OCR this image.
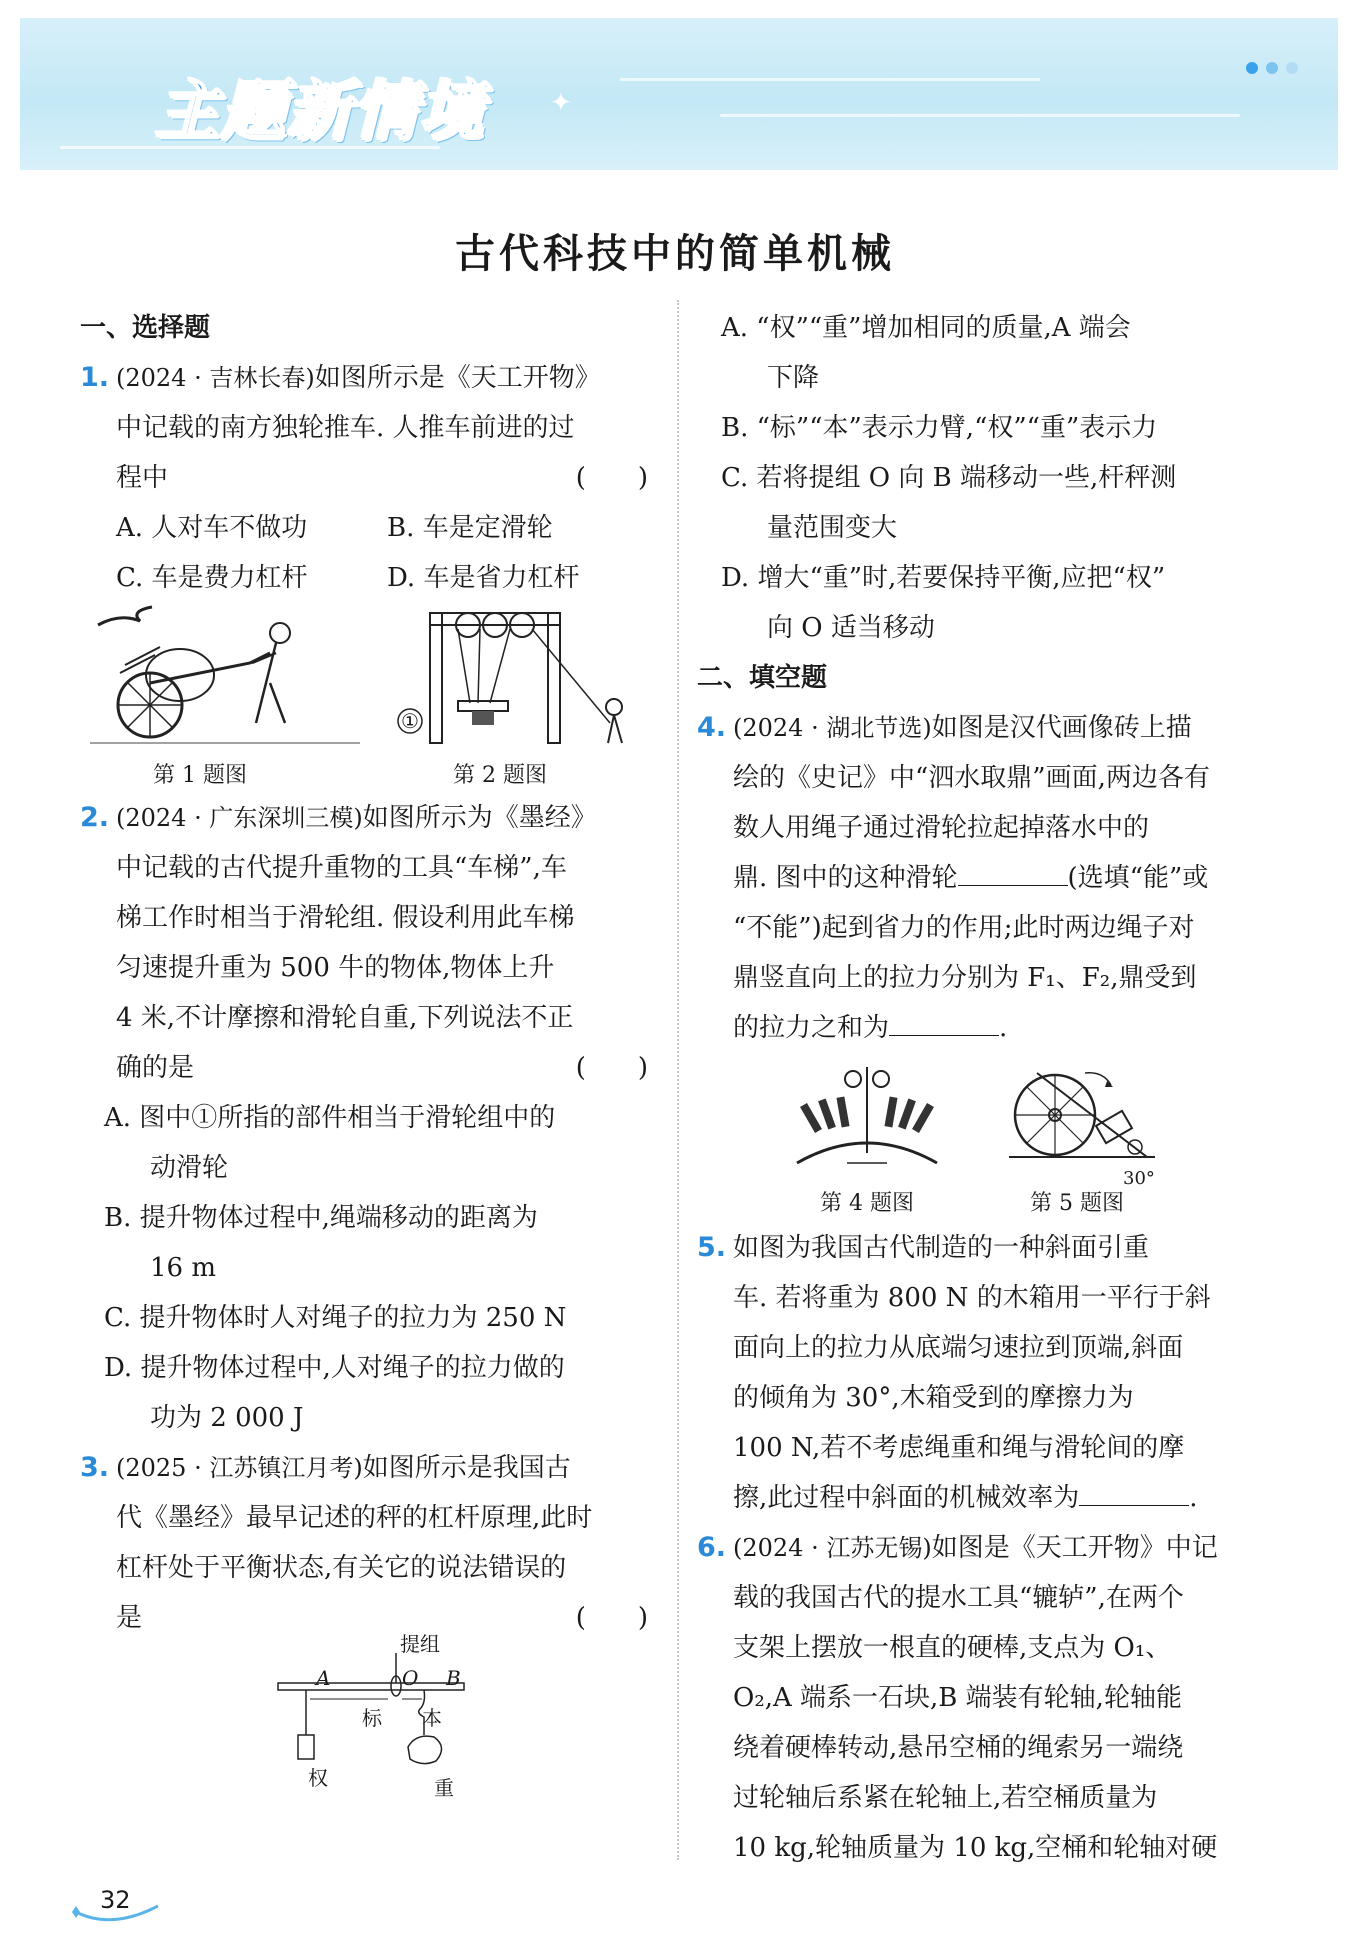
主题新情境	✦
古代科技中的简单机械
一、选择题
1. (2024 · 吉林长春)如图所示是《天工开物》
中记载的南方独轮推车. 人推车前进的过
程中	(　　)
A. 人对车不做功	B. 车是定滑轮
C. 车是费力杠杆	D. 车是省力杠杆
第 1 题图
①
第 2 题图
2. (2024 · 广东深圳三模)如图所示为《墨经》
中记载的古代提升重物的工具“车梯”,车
梯工作时相当于滑轮组. 假设利用此车梯
匀速提升重为 500 牛的物体,物体上升
4 米,不计摩擦和滑轮自重,下列说法不正
确的是	(　　)
A. 图中①所指的部件相当于滑轮组中的
动滑轮
B. 提升物体过程中,绳端移动的距离为
16 m
C. 提升物体时人对绳子的拉力为 250 N
D. 提升物体过程中,人对绳子的拉力做的
功为 2 000 J
3. (2025 · 江苏镇江月考)如图所示是我国古
代《墨经》最早记述的秤的杠杆原理,此时
杠杆处于平衡状态,有关它的说法错误的
是	(　　)
提组
A	O B
标 本
权	重
A. “权”“重”增加相同的质量,A 端会
下降
B. “标”“本”表示力臂,“权”“重”表示力
C. 若将提组 O 向 B 端移动一些,杆秤测
量范围变大
D. 增大“重”时,若要保持平衡,应把“权”
向 O 适当移动
二、填空题
4. (2024 · 湖北节选)如图是汉代画像砖上描
绘的《史记》中“泗水取鼎”画面,两边各有
数人用绳子通过滑轮拉起掉落水中的
鼎. 图中的这种滑轮	(选填“能”或
“不能”)起到省力的作用;此时两边绳子对
鼎竖直向上的拉力分别为 F₁、F₂,鼎受到
的拉力之和为	.
第 4 题图
30°
第 5 题图
5. 如图为我国古代制造的一种斜面引重
车. 若将重为 800 N 的木箱用一平行于斜
面向上的拉力从底端匀速拉到顶端,斜面
的倾角为 30°,木箱受到的摩擦力为
100 N,若不考虑绳重和绳与滑轮间的摩
擦,此过程中斜面的机械效率为	.
6. (2024 · 江苏无锡)如图是《天工开物》中记
载的我国古代的提水工具“辘轳”,在两个
支架上摆放一根直的硬棒,支点为 O₁、
O₂,A 端系一石块,B 端装有轮轴,轮轴能
绕着硬棒转动,悬吊空桶的绳索另一端绕
过轮轴后系紧在轮轴上,若空桶质量为
10 kg,轮轴质量为 10 kg,空桶和轮轴对硬
32
